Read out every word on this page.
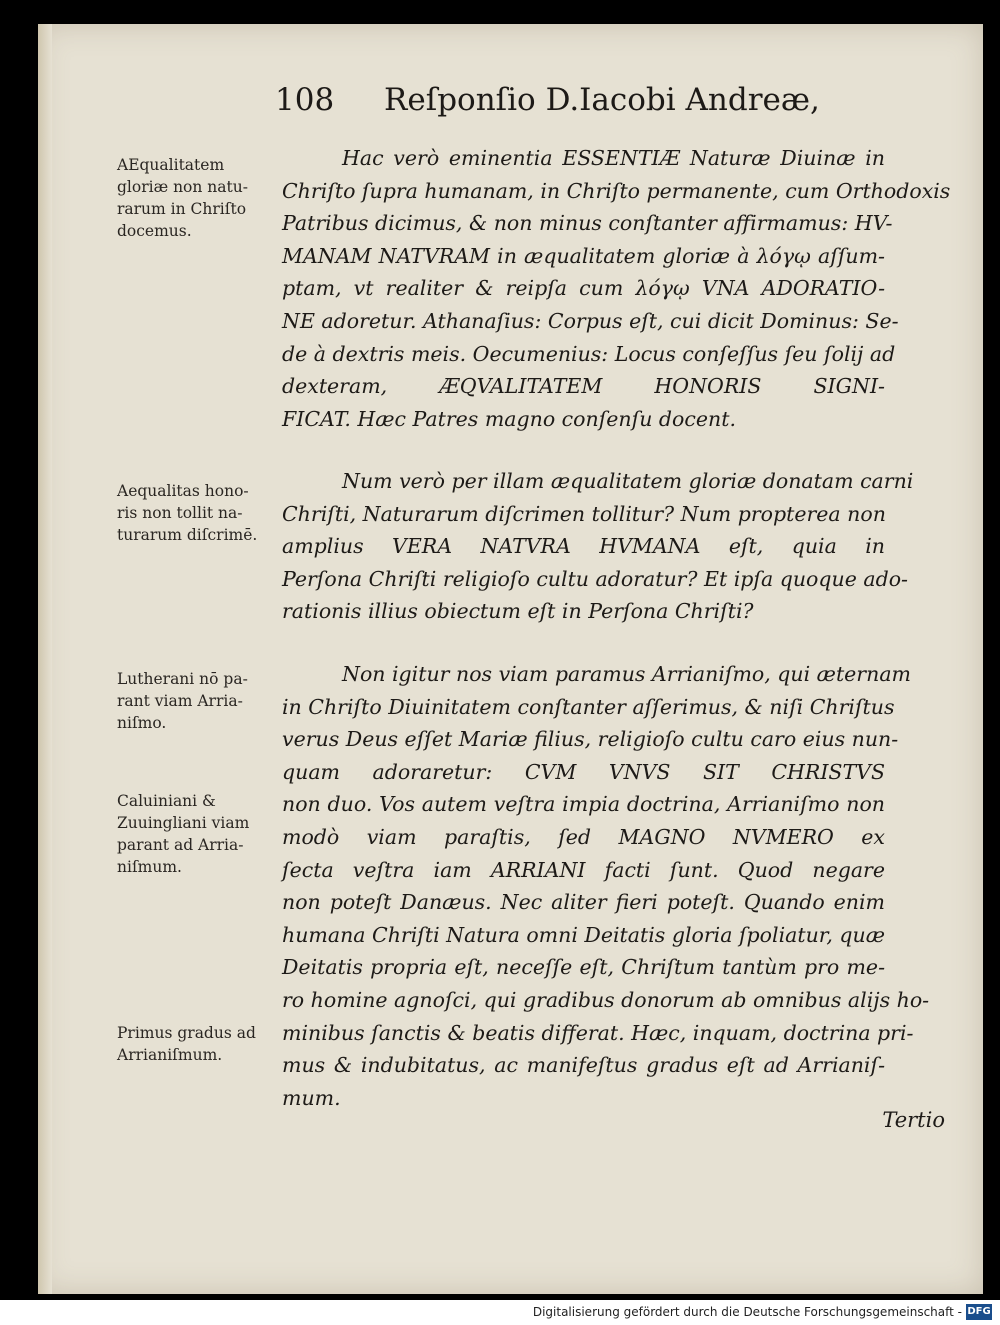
108 Reſponſio D.Iacobi Andreæ,
AEqualitatem
gloriæ non natu-
rarum in Chriſto
docemus.
Aequalitas hono-
ris non tollit na-
turarum diſcrimē.
Lutherani nō pa-
rant viam Arria-
niſmo.
Caluiniani &
Zuuingliani viam
parant ad Arria-
niſmum.
Primus gradus ad
Arrianiſmum.
Hac verò eminentia ESSENTIÆ Naturæ Diuinæ in
Chriſto ſupra humanam, in Chriſto permanente, cum Orthodoxis
Patribus dicimus, & non minus conſtanter affirmamus: HV-
MANAM NATVRAM in æqualitatem gloriæ à λόγῳ aſſum-
ptam, vt realiter & reipſa cum λόγῳ VNA ADORATIO-
NE adoretur. Athanaſius: Corpus eſt, cui dicit Dominus: Se-
de à dextris meis. Oecumenius: Locus conſeſſus ſeu ſolij ad
dexteram, ÆQVALITATEM HONORIS SIGNI-
FICAT. Hæc Patres magno conſenſu docent.
Num verò per illam æqualitatem gloriæ donatam carni
Chriſti, Naturarum diſcrimen tollitur? Num propterea non
amplius VERA NATVRA HVMANA eſt, quia in
Perſona Chriſti religioſo cultu adoratur? Et ipſa quoque ado-
rationis illius obiectum eſt in Perſona Chriſti?
Non igitur nos viam paramus Arrianiſmo, qui æternam
in Chriſto Diuinitatem conſtanter aſſerimus, & niſi Chriſtus
verus Deus eſſet Mariæ filius, religioſo cultu caro eius nun-
quam adoraretur: CVM VNVS SIT CHRISTVS
non duo. Vos autem veſtra impia doctrina, Arrianiſmo non
modò viam paraſtis, ſed MAGNO NVMERO ex
ſecta veſtra iam ARRIANI facti ſunt. Quod negare
non poteſt Danæus. Nec aliter fieri poteſt. Quando enim
humana Chriſti Natura omni Deitatis gloria ſpoliatur, quæ
Deitatis propria eſt, neceſſe eſt, Chriſtum tantùm pro me-
ro homine agnoſci, qui gradibus donorum ab omnibus alijs ho-
minibus ſanctis & beatis differat. Hæc, inquam, doctrina pri-
mus & indubitatus, ac manifeſtus gradus eſt ad Arrianiſ-
mum.
Tertio
Digitalisierung gefördert durch die Deutsche Forschungsgemeinschaft - DFG
